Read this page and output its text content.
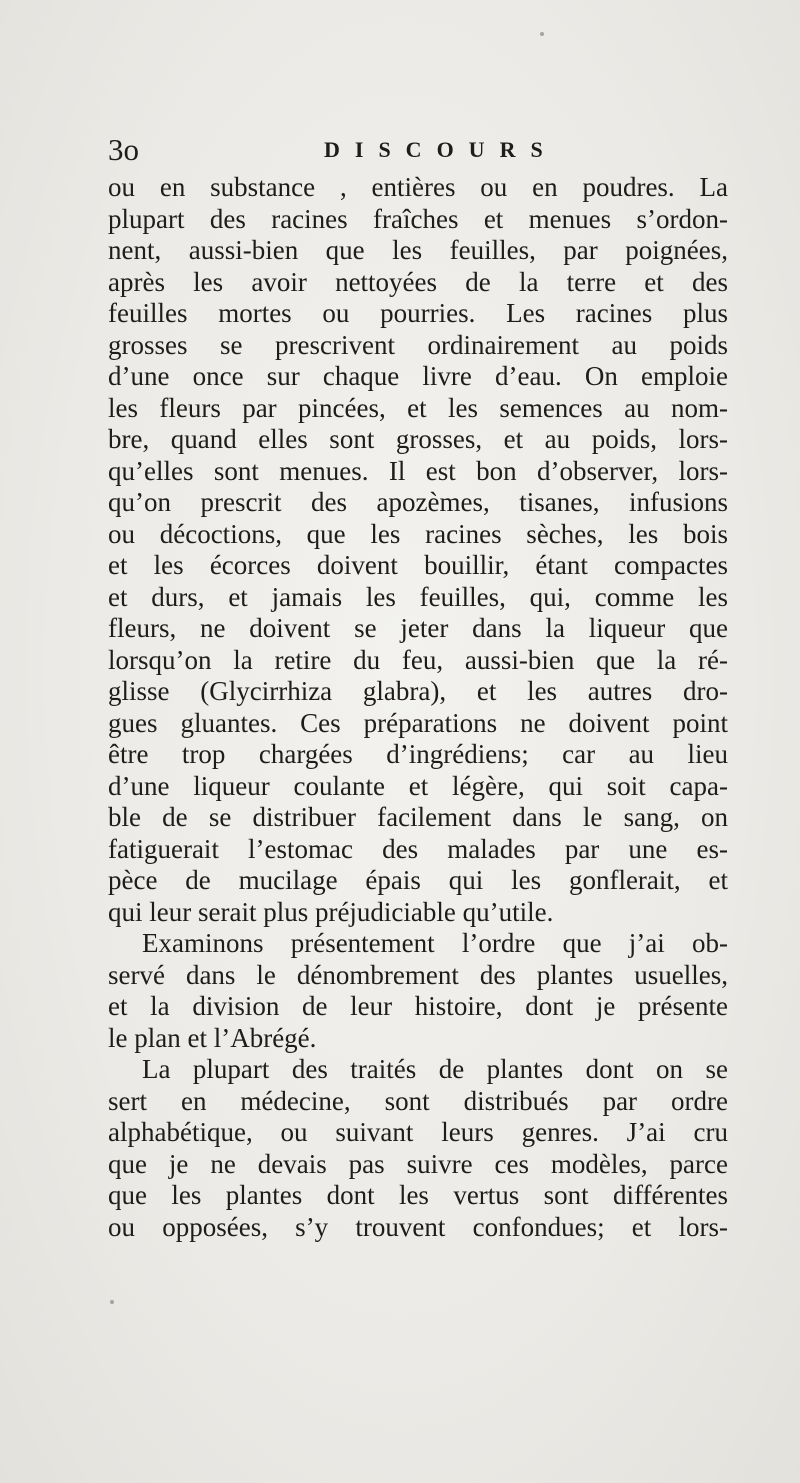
3o	DISCOURS
ou en substance , entières ou en poudres. La
plupart des racines fraîches et menues s’ordon-
nent, aussi-bien que les feuilles, par poignées,
après les avoir nettoyées de la terre et des
feuilles mortes ou pourries. Les racines plus
grosses se prescrivent ordinairement au poids
d’une once sur chaque livre d’eau. On emploie
les fleurs par pincées, et les semences au nom-
bre, quand elles sont grosses, et au poids, lors-
qu’elles sont menues. Il est bon d’observer, lors-
qu’on prescrit des apozèmes, tisanes, infusions
ou décoctions, que les racines sèches, les bois
et les écorces doivent bouillir, étant compactes
et durs, et jamais les feuilles, qui, comme les
fleurs, ne doivent se jeter dans la liqueur que
lorsqu’on la retire du feu, aussi-bien que la ré-
glisse (Glycirrhiza glabra), et les autres dro-
gues gluantes. Ces préparations ne doivent point
être trop chargées d’ingrédiens; car au lieu
d’une liqueur coulante et légère, qui soit capa-
ble de se distribuer facilement dans le sang, on
fatiguerait l’estomac des malades par une es-
pèce de mucilage épais qui les gonflerait, et
qui leur serait plus préjudiciable qu’utile.
Examinons présentement l’ordre que j’ai ob-
servé dans le dénombrement des plantes usuelles,
et la division de leur histoire, dont je présente
le plan et l’Abrégé.
La plupart des traités de plantes dont on se
sert en médecine, sont distribués par ordre
alphabétique, ou suivant leurs genres. J’ai cru
que je ne devais pas suivre ces modèles, parce
que les plantes dont les vertus sont différentes
ou opposées, s’y trouvent confondues; et lors-
